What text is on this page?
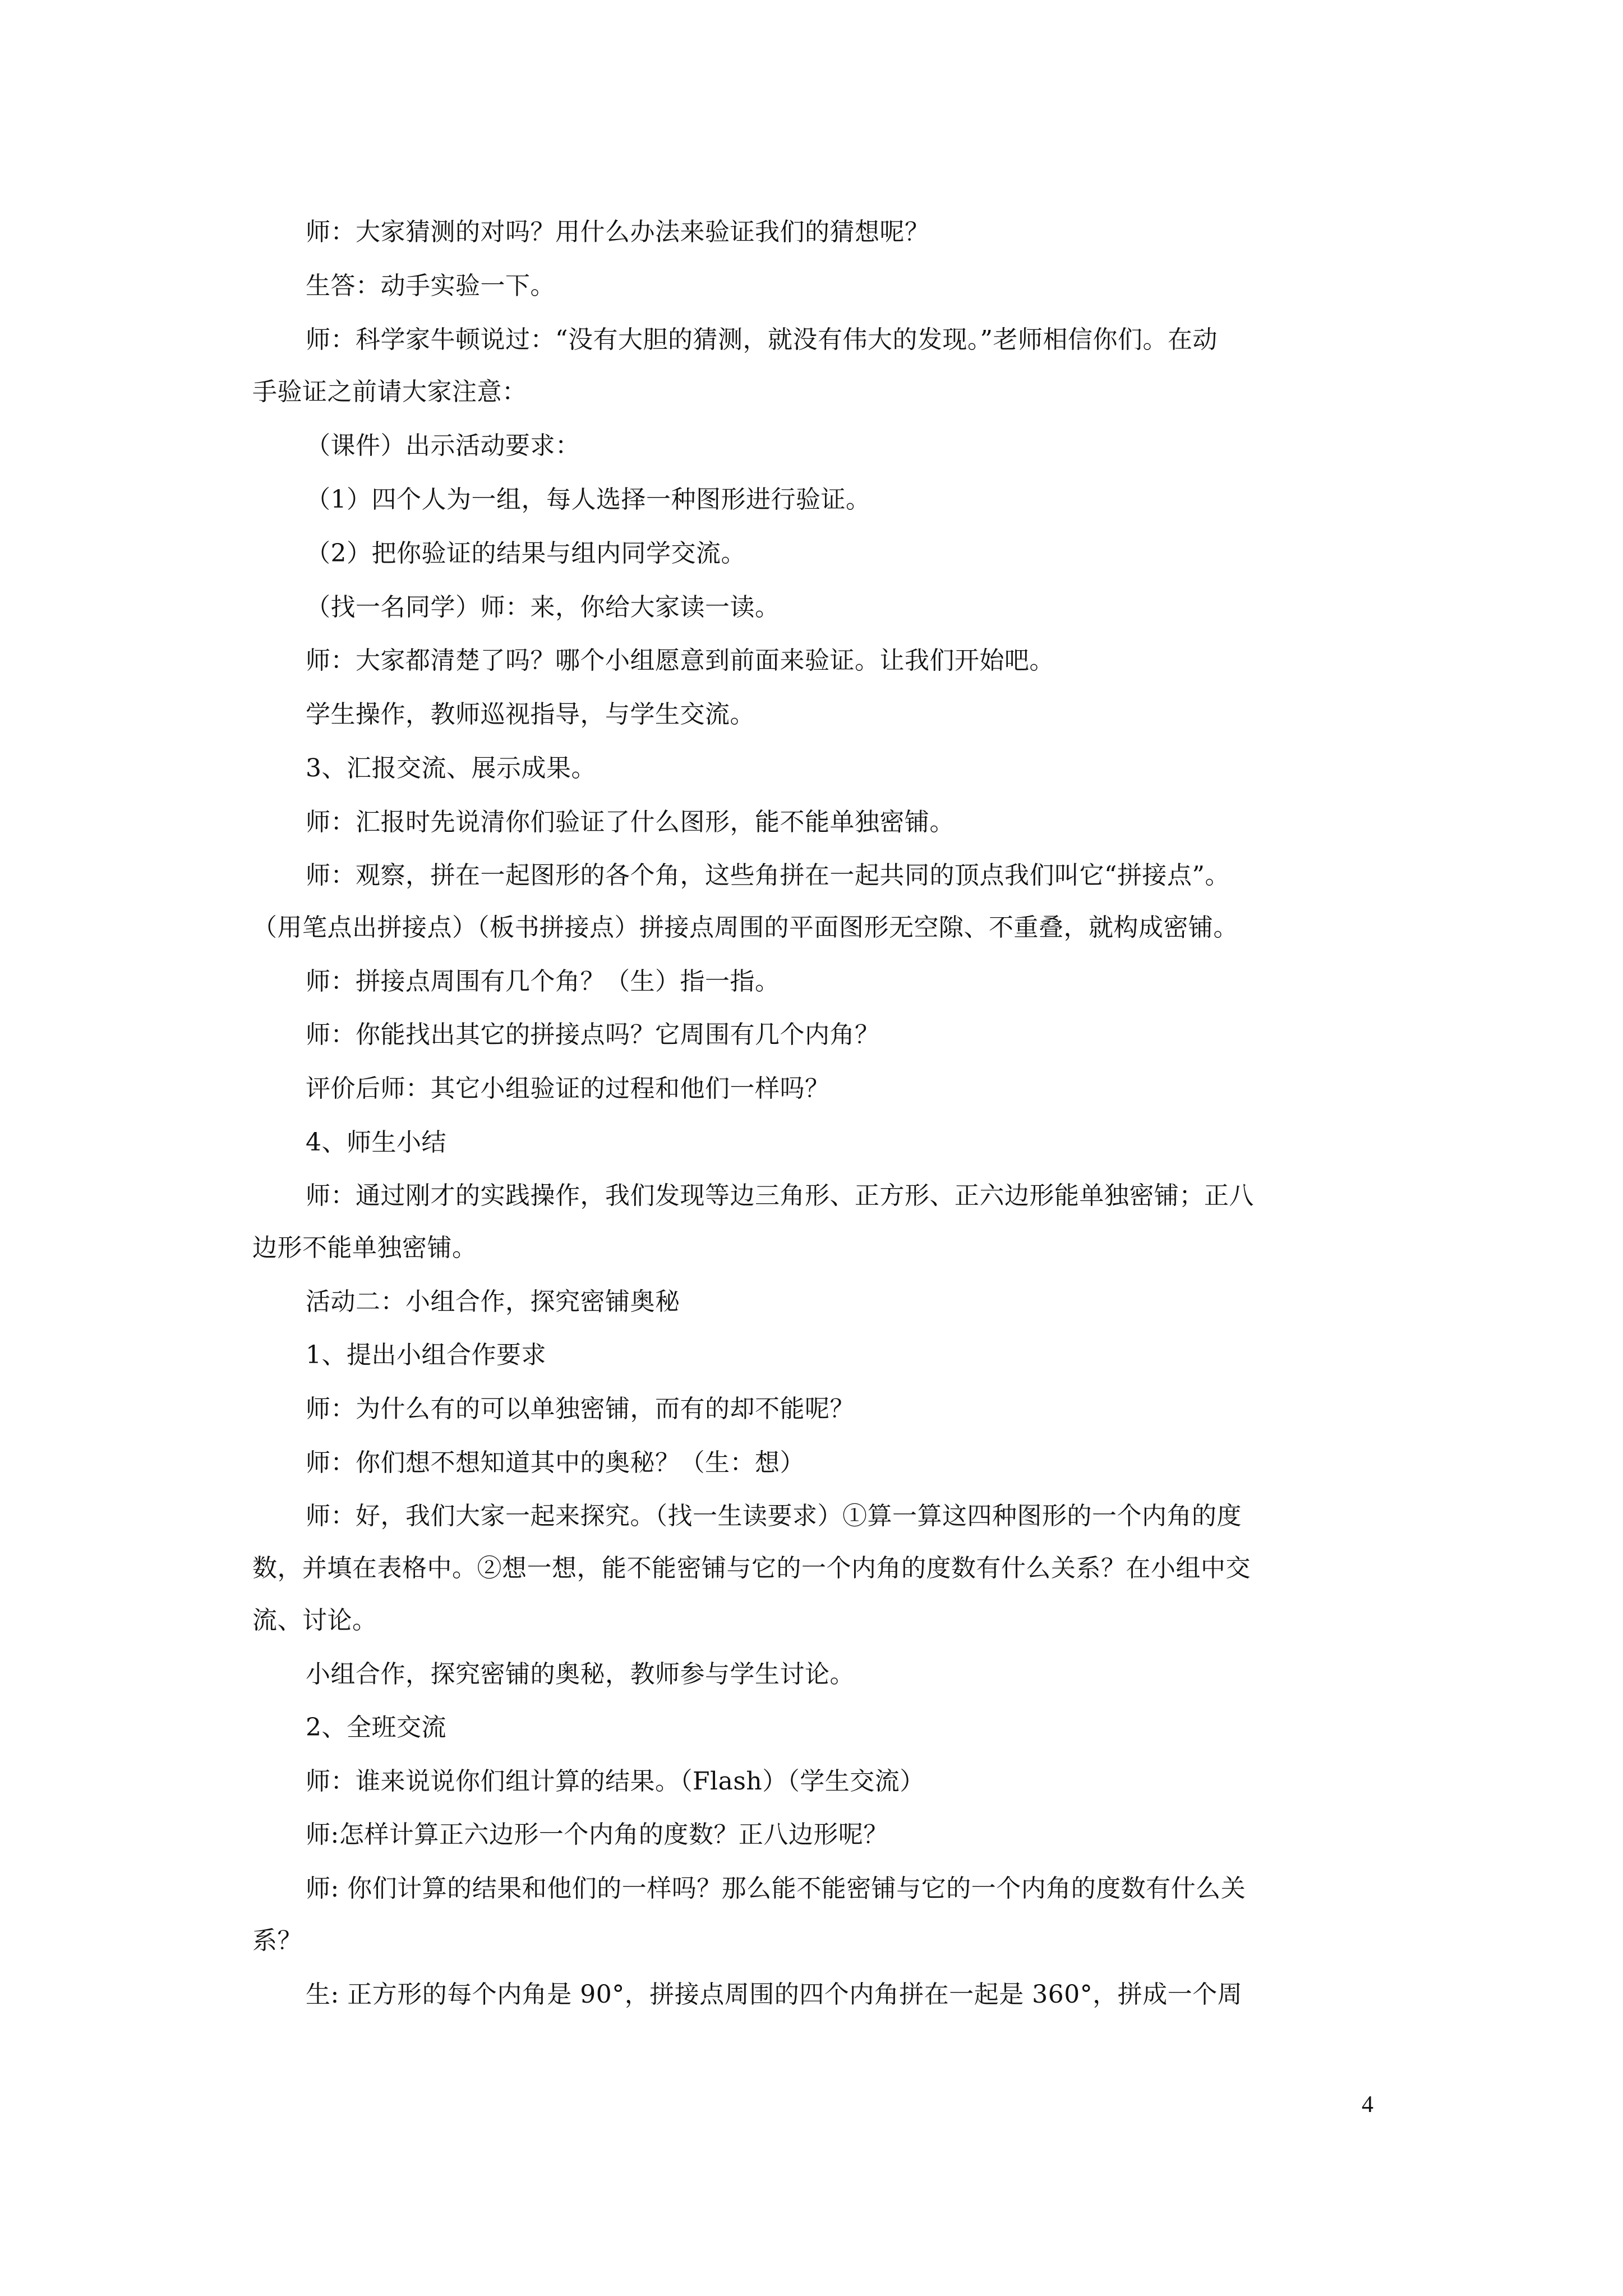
师：大家猜测的对吗？用什么办法来验证我们的猜想呢？
生答：动手实验一下。
师：科学家牛顿说过：“没有大胆的猜测，就没有伟大的发现。”老师相信你们。在动
手验证之前请大家注意：
（课件）出示活动要求：
（1）四个人为一组，每人选择一种图形进行验证。
（2）把你验证的结果与组内同学交流。
（找一名同学）师：来，你给大家读一读。
师：大家都清楚了吗？哪个小组愿意到前面来验证。让我们开始吧。
学生操作，教师巡视指导，与学生交流。
3、汇报交流、展示成果。
师：汇报时先说清你们验证了什么图形，能不能单独密铺。
师：观察，拼在一起图形的各个角，这些角拼在一起共同的顶点我们叫它“拼接点”。
（用笔点出拼接点）（板书拼接点）拼接点周围的平面图形无空隙、不重叠，就构成密铺。
师：拼接点周围有几个角？（生）指一指。
师：你能找出其它的拼接点吗？它周围有几个内角？
评价后师：其它小组验证的过程和他们一样吗？
4、师生小结
师：通过刚才的实践操作，我们发现等边三角形、正方形、正六边形能单独密铺；正八
边形不能单独密铺。
活动二：小组合作，探究密铺奥秘
1、提出小组合作要求
师：为什么有的可以单独密铺，而有的却不能呢？
师：你们想不想知道其中的奥秘？（生：想）
师：好，我们大家一起来探究。（找一生读要求）①算一算这四种图形的一个内角的度
数，并填在表格中。②想一想，能不能密铺与它的一个内角的度数有什么关系？在小组中交
流、讨论。
小组合作，探究密铺的奥秘，教师参与学生讨论。
2、全班交流
师：谁来说说你们组计算的结果。（Flash）（学生交流）
师:怎样计算正六边形一个内角的度数？正八边形呢？
师: 你们计算的结果和他们的一样吗？那么能不能密铺与它的一个内角的度数有什么关
系？
生: 正方形的每个内角是 90°，拼接点周围的四个内角拼在一起是 360°，拼成一个周
4
